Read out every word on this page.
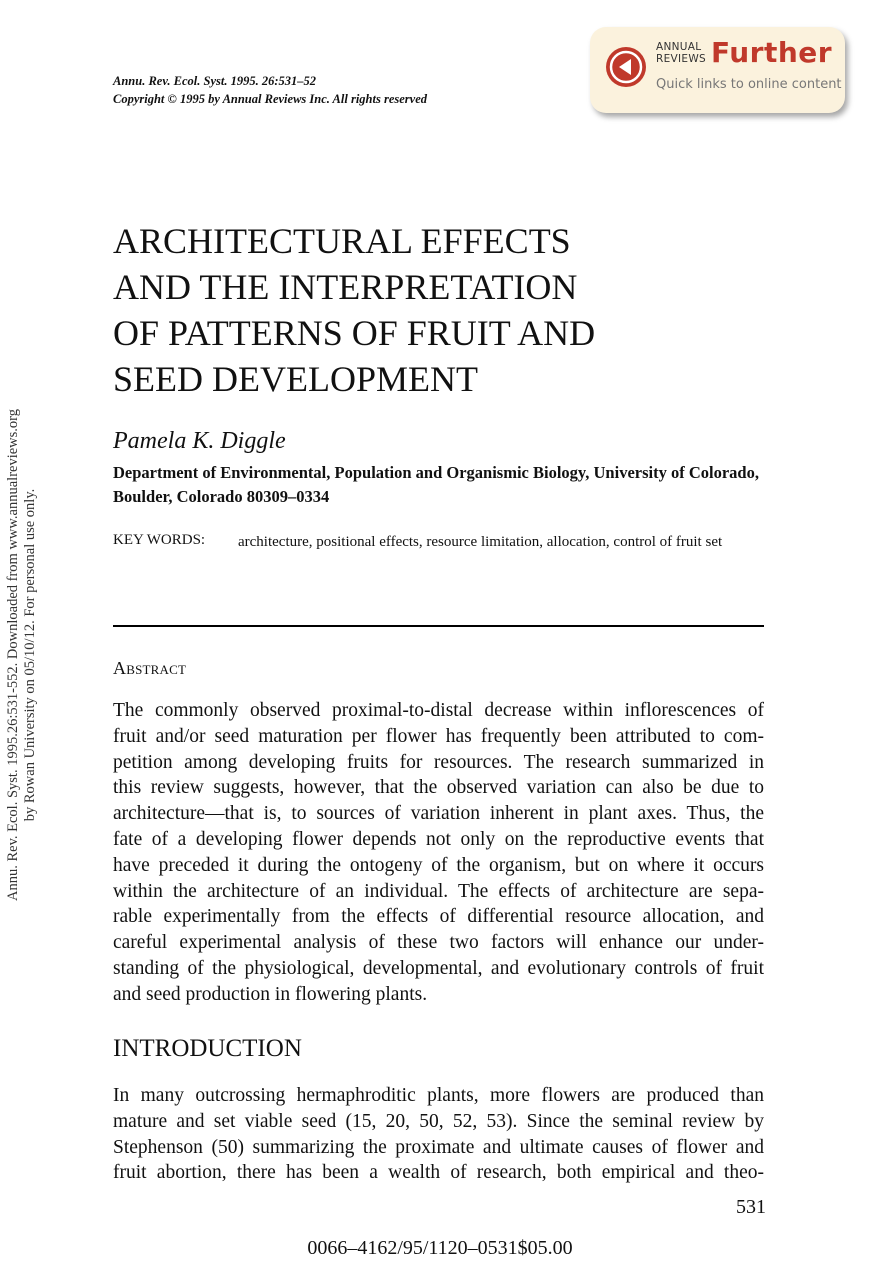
Annu. Rev. Ecol. Syst. 1995.26:531-552. Downloaded from www.annualreviews.org by Rowan University on 05/10/12. For personal use only.
Annu. Rev. Ecol. Syst. 1995. 26:531–52
Copyright © 1995 by Annual Reviews Inc. All rights reserved
ANNUAL
REVIEWS Further
Quick links to online content
ARCHITECTURAL EFFECTS
AND THE INTERPRETATION
OF PATTERNS OF FRUIT AND
SEED DEVELOPMENT
Pamela K. Diggle
Department of Environmental, Population and Organismic Biology, University of Colorado, Boulder, Colorado 80309–0334
KEY WORDS: architecture, positional effects, resource limitation, allocation, control of fruit set
Abstract
The commonly observed proximal-to-distal decrease within inflorescences of
fruit and/or seed maturation per flower has frequently been attributed to com-
petition among developing fruits for resources. The research summarized in
this review suggests, however, that the observed variation can also be due to
architecture—that is, to sources of variation inherent in plant axes. Thus, the
fate of a developing flower depends not only on the reproductive events that
have preceded it during the ontogeny of the organism, but on where it occurs
within the architecture of an individual. The effects of architecture are sepa-
rable experimentally from the effects of differential resource allocation, and
careful experimental analysis of these two factors will enhance our under-
standing of the physiological, developmental, and evolutionary controls of fruit
and seed production in flowering plants.
INTRODUCTION
In many outcrossing hermaphroditic plants, more flowers are produced than
mature and set viable seed (15, 20, 50, 52, 53). Since the seminal review by
Stephenson (50) summarizing the proximate and ultimate causes of flower and
fruit abortion, there has been a wealth of research, both empirical and theo-
531
0066–4162/95/1120–0531$05.00
